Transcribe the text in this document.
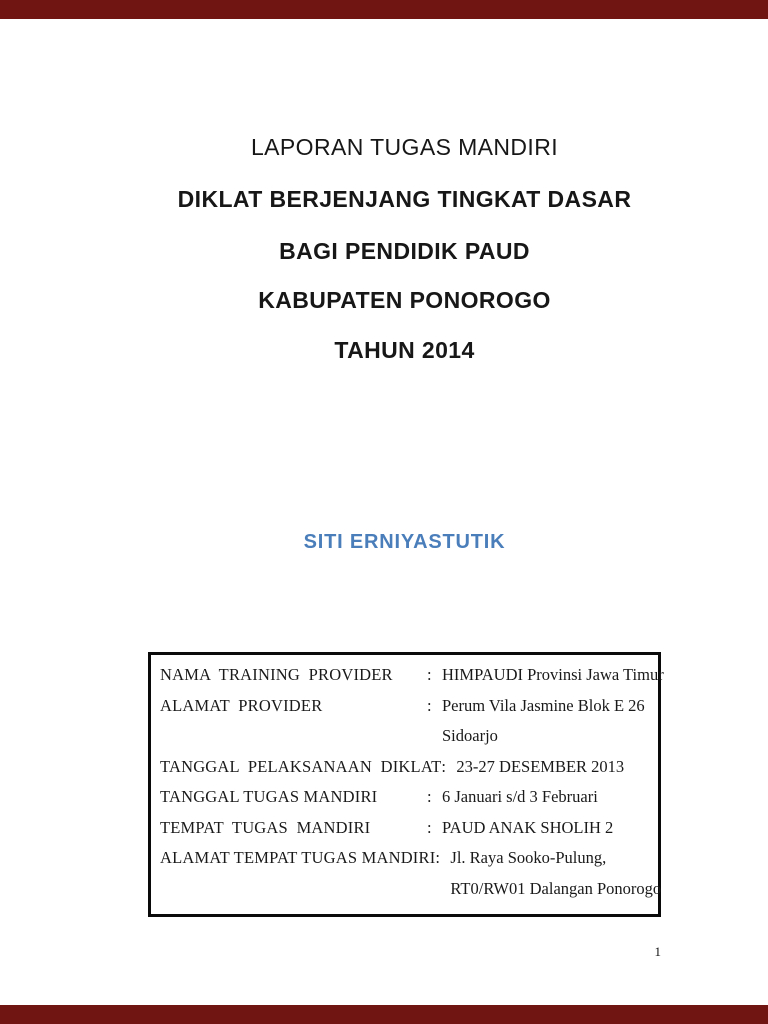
LAPORAN TUGAS MANDIRI
DIKLAT BERJENJANG TINGKAT DASAR
BAGI PENDIDIK PAUD
KABUPATEN PONOROGO
TAHUN 2014
SITI ERNIYASTUTIK
NAMA  TRAINING  PROVIDER	: HIMPAUDI Provinsi Jawa Timur
ALAMAT  PROVIDER	: Perum Vila Jasmine Blok E 26
Sidoarjo
TANGGAL  PELAKSANAAN  DIKLAT : 23-27 DESEMBER 2013
TANGGAL TUGAS MANDIRI	: 6 Januari s/d 3 Februari
TEMPAT  TUGAS  MANDIRI	: PAUD ANAK SHOLIH 2
ALAMAT TEMPAT TUGAS MANDIRI : Jl. Raya Sooko-Pulung,
RT0/RW01 Dalangan Ponorogo
1
